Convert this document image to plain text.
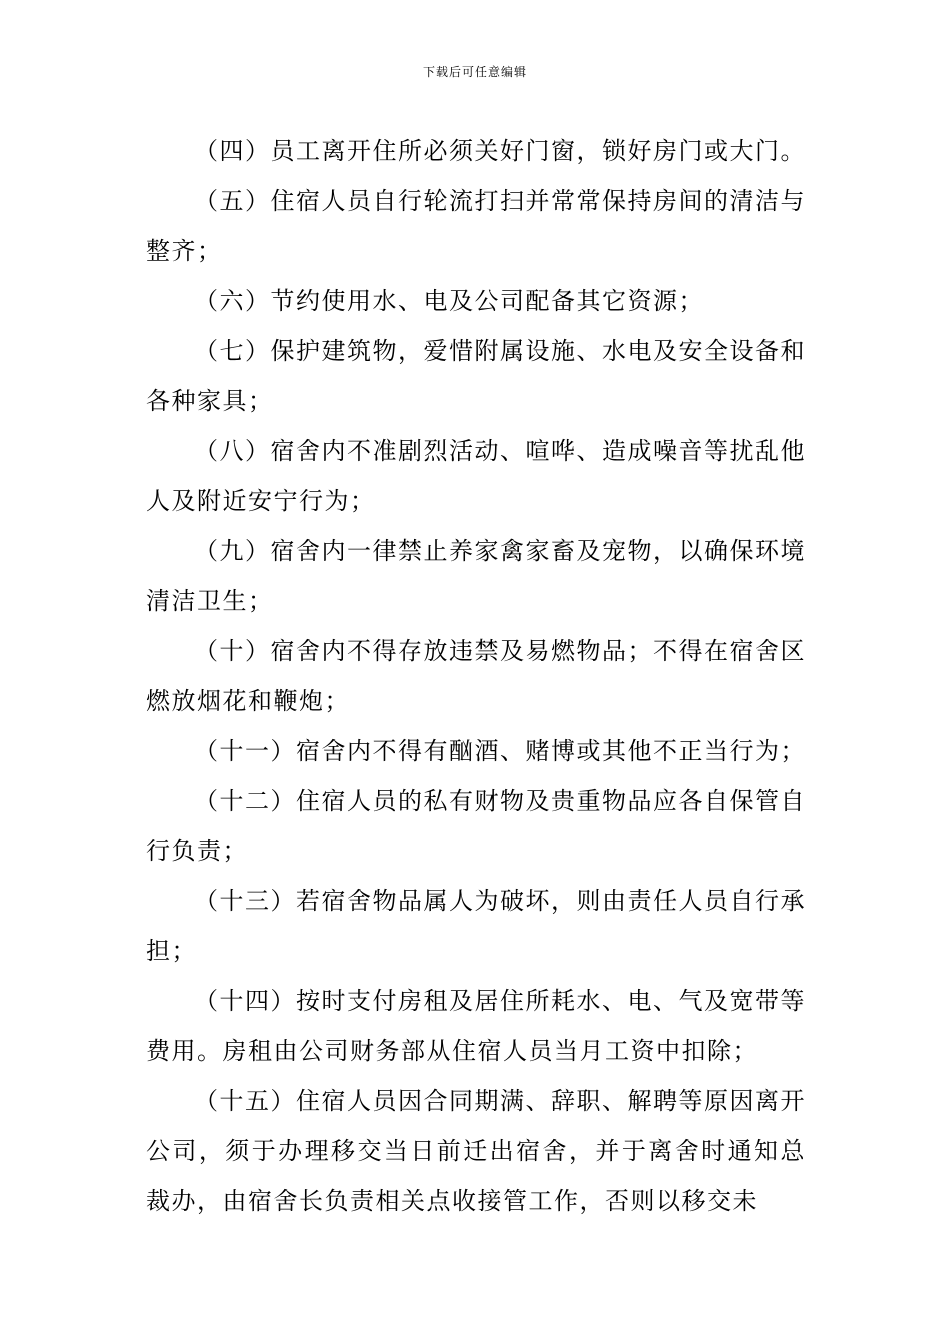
下载后可任意编辑

（四）员工离开住所必须关好门窗，锁好房门或大门。

（五）住宿人员自行轮流打扫并常常保持房间的清洁与整齐；

（六）节约使用水、电及公司配备其它资源；

（七）保护建筑物，爱惜附属设施、水电及安全设备和各种家具；

（八）宿舍内不准剧烈活动、喧哗、造成噪音等扰乱他人及附近安宁行为；

（九）宿舍内一律禁止养家禽家畜及宠物，以确保环境清洁卫生；

（十）宿舍内不得存放违禁及易燃物品；不得在宿舍区燃放烟花和鞭炮；

（十一）宿舍内不得有酗酒、赌博或其他不正当行为；

（十二）住宿人员的私有财物及贵重物品应各自保管自行负责；

（十三）若宿舍物品属人为破坏，则由责任人员自行承担；

（十四）按时支付房租及居住所耗水、电、气及宽带等费用。房租由公司财务部从住宿人员当月工资中扣除；

（十五）住宿人员因合同期满、辞职、解聘等原因离开公司，须于办理移交当日前迁出宿舍，并于离舍时通知总裁办，由宿舍长负责相关点收接管工作，否则以移交未
